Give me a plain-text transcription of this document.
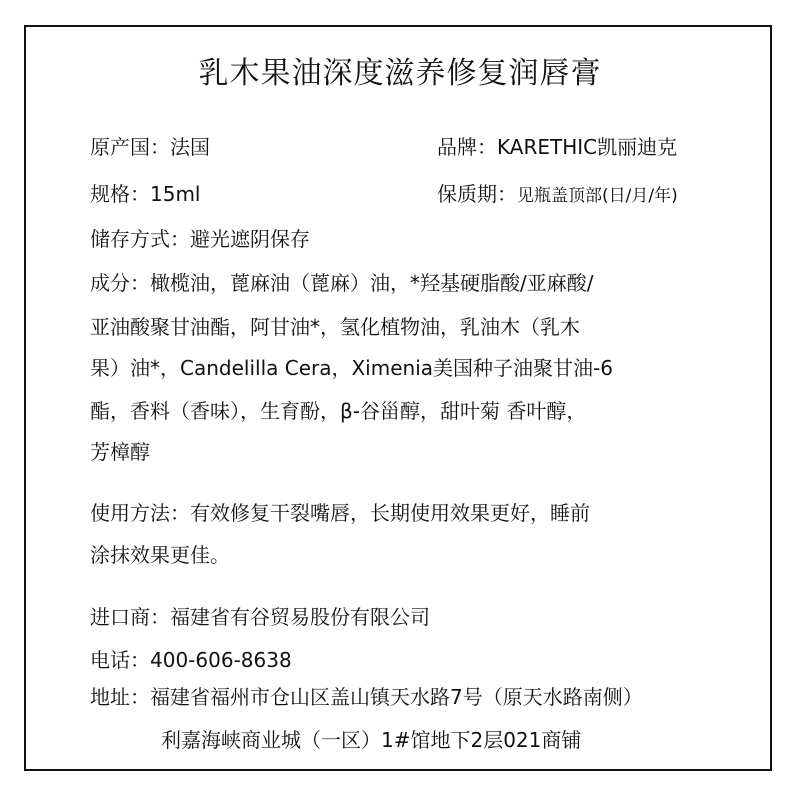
乳木果油深度滋养修复润唇膏
原产国：法国	品牌：KARETHIC凯丽迪克
规格：15ml	保质期：见瓶盖顶部(日/月/年)
储存方式：避光遮阴保存
成分：橄榄油，蓖麻油（蓖麻）油，*羟基硬脂酸/亚麻酸/
亚油酸聚甘油酯，阿甘油*，氢化植物油，乳油木（乳木
果）油*，Candelilla Cera，Ximenia美国种子油聚甘油-6
酯，香料（香味），生育酚，β-谷甾醇，甜叶菊 香叶醇，
芳樟醇
使用方法：有效修复干裂嘴唇，长期使用效果更好，睡前
涂抹效果更佳。
进口商：福建省有谷贸易股份有限公司
电话：400-606-8638
地址：福建省福州市仓山区盖山镇天水路7号（原天水路南侧）
利嘉海峡商业城（一区）1#馆地下2层021商铺
